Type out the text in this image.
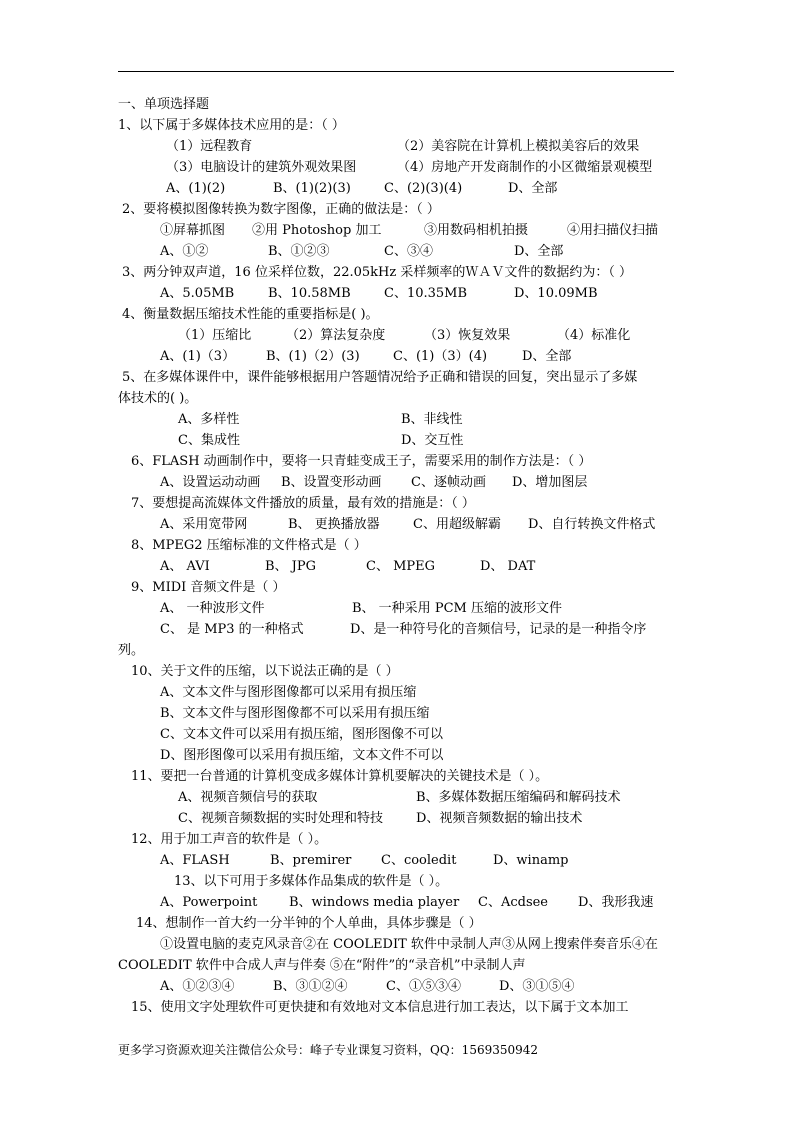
一、单项选择题
1、以下属于多媒体技术应用的是：（ ）
（1）远程教育	（2）美容院在计算机上模拟美容后的效果
（3）电脑设计的建筑外观效果图	（4）房地产开发商制作的小区微缩景观模型
A、(1)(2)	B、(1)(2)(3)	C、(2)(3)(4)	D、全部
2、要将模拟图像转换为数字图像，正确的做法是：（ ）
①屏幕抓图 ②用 Photoshop 加工	③用数码相机拍摄	④用扫描仪扫描
A、①②	B、①②③	C、③④	D、全部
3、两分钟双声道，16 位采样位数，22.05kHz 采样频率的ＷＡＶ文件的数据约为：（ ）
A、5.05MB	B、10.58MB	C、10.35MB	D、10.09MB
4、衡量数据压缩技术性能的重要指标是( )。
（1）压缩比	（2）算法复杂度	（3）恢复效果	（4）标准化
A、(1)（3） B、(1)（2）(3)	C、(1)（3）(4)	D、全部
5、在多媒体课件中，课件能够根据用户答题情况给予正确和错误的回复，突出显示了多媒
体技术的( )。
A、多样性	B、非线性
C、集成性	D、交互性
6、FLASH 动画制作中，要将一只青蛙变成王子，需要采用的制作方法是：（ ）
A、设置运动动画 B、设置变形动画 C、逐帧动画 D、增加图层
7、要想提高流媒体文件播放的质量，最有效的措施是：（ ）
A、采用宽带网	B、 更换播放器	C、用超级解霸 D、自行转换文件格式
8、MPEG2 压缩标准的文件格式是（ ）
A、 AVI	B、 JPG	C、 MPEG	D、 DAT
9、MIDI 音频文件是（ ）
A、 一种波形文件	B、 一种采用 PCM 压缩的波形文件
C、 是 MP3 的一种格式	D、是一种符号化的音频信号，记录的是一种指令序
列。
10、关于文件的压缩，以下说法正确的是（ ）
A、文本文件与图形图像都可以采用有损压缩
B、文本文件与图形图像都不可以采用有损压缩
C、文本文件可以采用有损压缩，图形图像不可以
D、图形图像可以采用有损压缩，文本文件不可以
11、要把一台普通的计算机变成多媒体计算机要解决的关键技术是（ ）。
A、视频音频信号的获取	B、多媒体数据压缩编码和解码技术
C、视频音频数据的实时处理和特技	D、视频音频数据的输出技术
12、用于加工声音的软件是（ ）。
A、FLASH	B、premirer C、cooledit	D、winamp
13、以下可用于多媒体作品集成的软件是（ ）。
A、Powerpoint B、windows media player C、Acdsee D、我形我速
14、想制作一首大约一分半钟的个人单曲，具体步骤是（ ）
①设置电脑的麦克风录音②在 COOLEDIT 软件中录制人声③从网上搜索伴奏音乐④在
COOLEDIT 软件中合成人声与伴奏 ⑤在“附件”的“录音机”中录制人声
A、①②③④	B、③①②④	C、①⑤③④	D、③①⑤④
15、使用文字处理软件可更快捷和有效地对文本信息进行加工表达，以下属于文本加工
更多学习资源欢迎关注微信公众号：峰子专业课复习资料，QQ：1569350942
